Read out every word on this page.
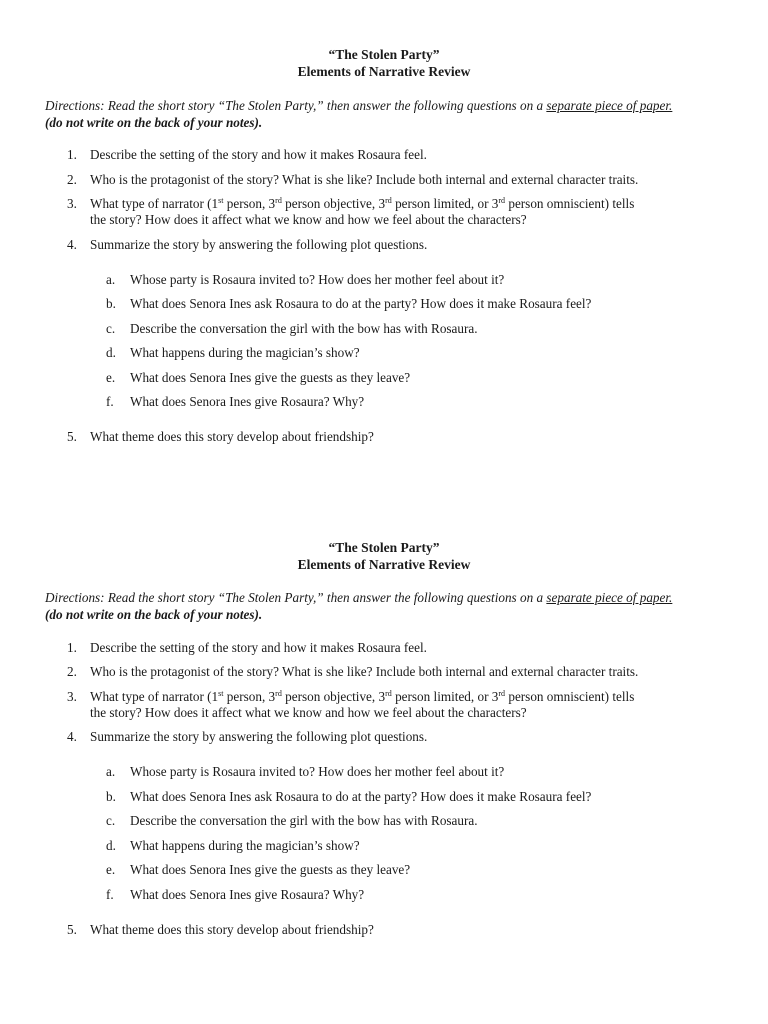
“The Stolen Party”
Elements of Narrative Review
Directions: Read the short story “The Stolen Party,” then answer the following questions on a separate piece of paper.
(do not write on the back of your notes).
1. Describe the setting of the story and how it makes Rosaura feel.
2. Who is the protagonist of the story? What is she like? Include both internal and external character traits.
3. What type of narrator (1st person, 3rd person objective, 3rd person limited, or 3rd person omniscient) tells
the story? How does it affect what we know and how we feel about the characters?
4. Summarize the story by answering the following plot questions.
a.	Whose party is Rosaura invited to? How does her mother feel about it?
b.	What does Senora Ines ask Rosaura to do at the party? How does it make Rosaura feel?
c.	Describe the conversation the girl with the bow has with Rosaura.
d.	What happens during the magician’s show?
e.	What does Senora Ines give the guests as they leave?
f.	What does Senora Ines give Rosaura? Why?
5. What theme does this story develop about friendship?
“The Stolen Party”
Elements of Narrative Review
Directions: Read the short story “The Stolen Party,” then answer the following questions on a separate piece of paper.
(do not write on the back of your notes).
1. Describe the setting of the story and how it makes Rosaura feel.
2. Who is the protagonist of the story? What is she like? Include both internal and external character traits.
3. What type of narrator (1st person, 3rd person objective, 3rd person limited, or 3rd person omniscient) tells
the story? How does it affect what we know and how we feel about the characters?
4. Summarize the story by answering the following plot questions.
a.	Whose party is Rosaura invited to? How does her mother feel about it?
b.	What does Senora Ines ask Rosaura to do at the party? How does it make Rosaura feel?
c.	Describe the conversation the girl with the bow has with Rosaura.
d.	What happens during the magician’s show?
e.	What does Senora Ines give the guests as they leave?
f.	What does Senora Ines give Rosaura? Why?
5. What theme does this story develop about friendship?
